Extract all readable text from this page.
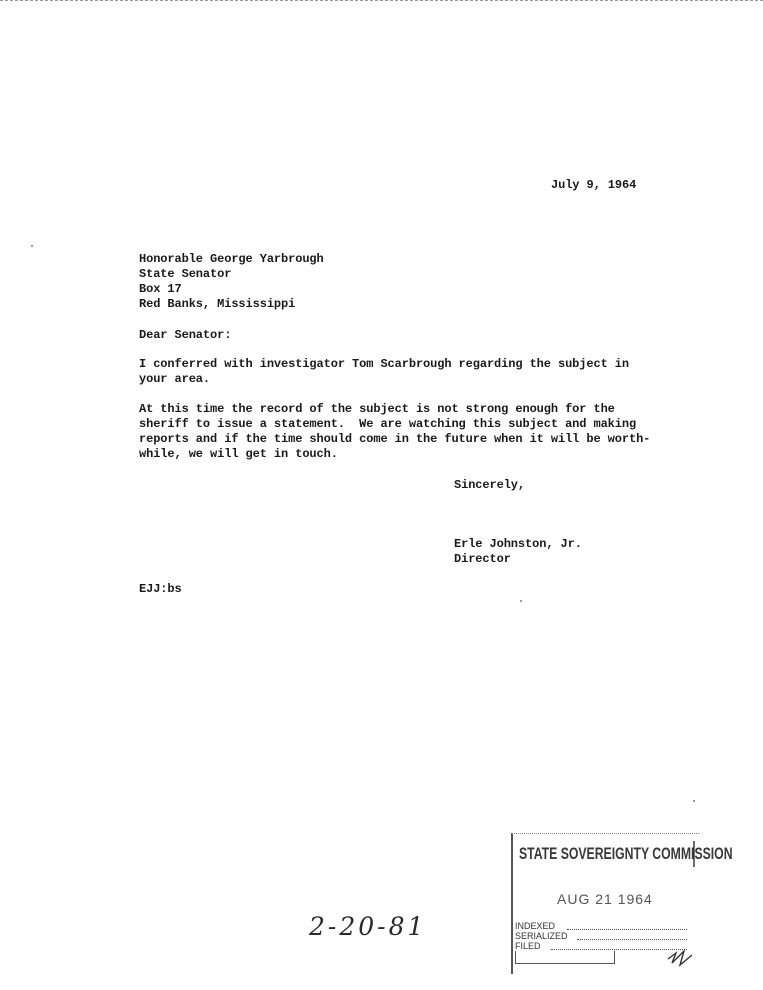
July 9, 1964
Honorable George Yarbrough
State Senator
Box 17
Red Banks, Mississippi
Dear Senator:
I conferred with investigator Tom Scarbrough regarding the subject in
your area.
At this time the record of the subject is not strong enough for the
sheriff to issue a statement.  We are watching this subject and making
reports and if the time should come in the future when it will be worth-
while, we will get in touch.
Sincerely,
Erle Johnston, Jr.
Director
EJJ:bs
STATE SOVEREIGNTY COMMISSION
AUG 21 1964
INDEXED
SERIALIZED
FILED
2-20-81
